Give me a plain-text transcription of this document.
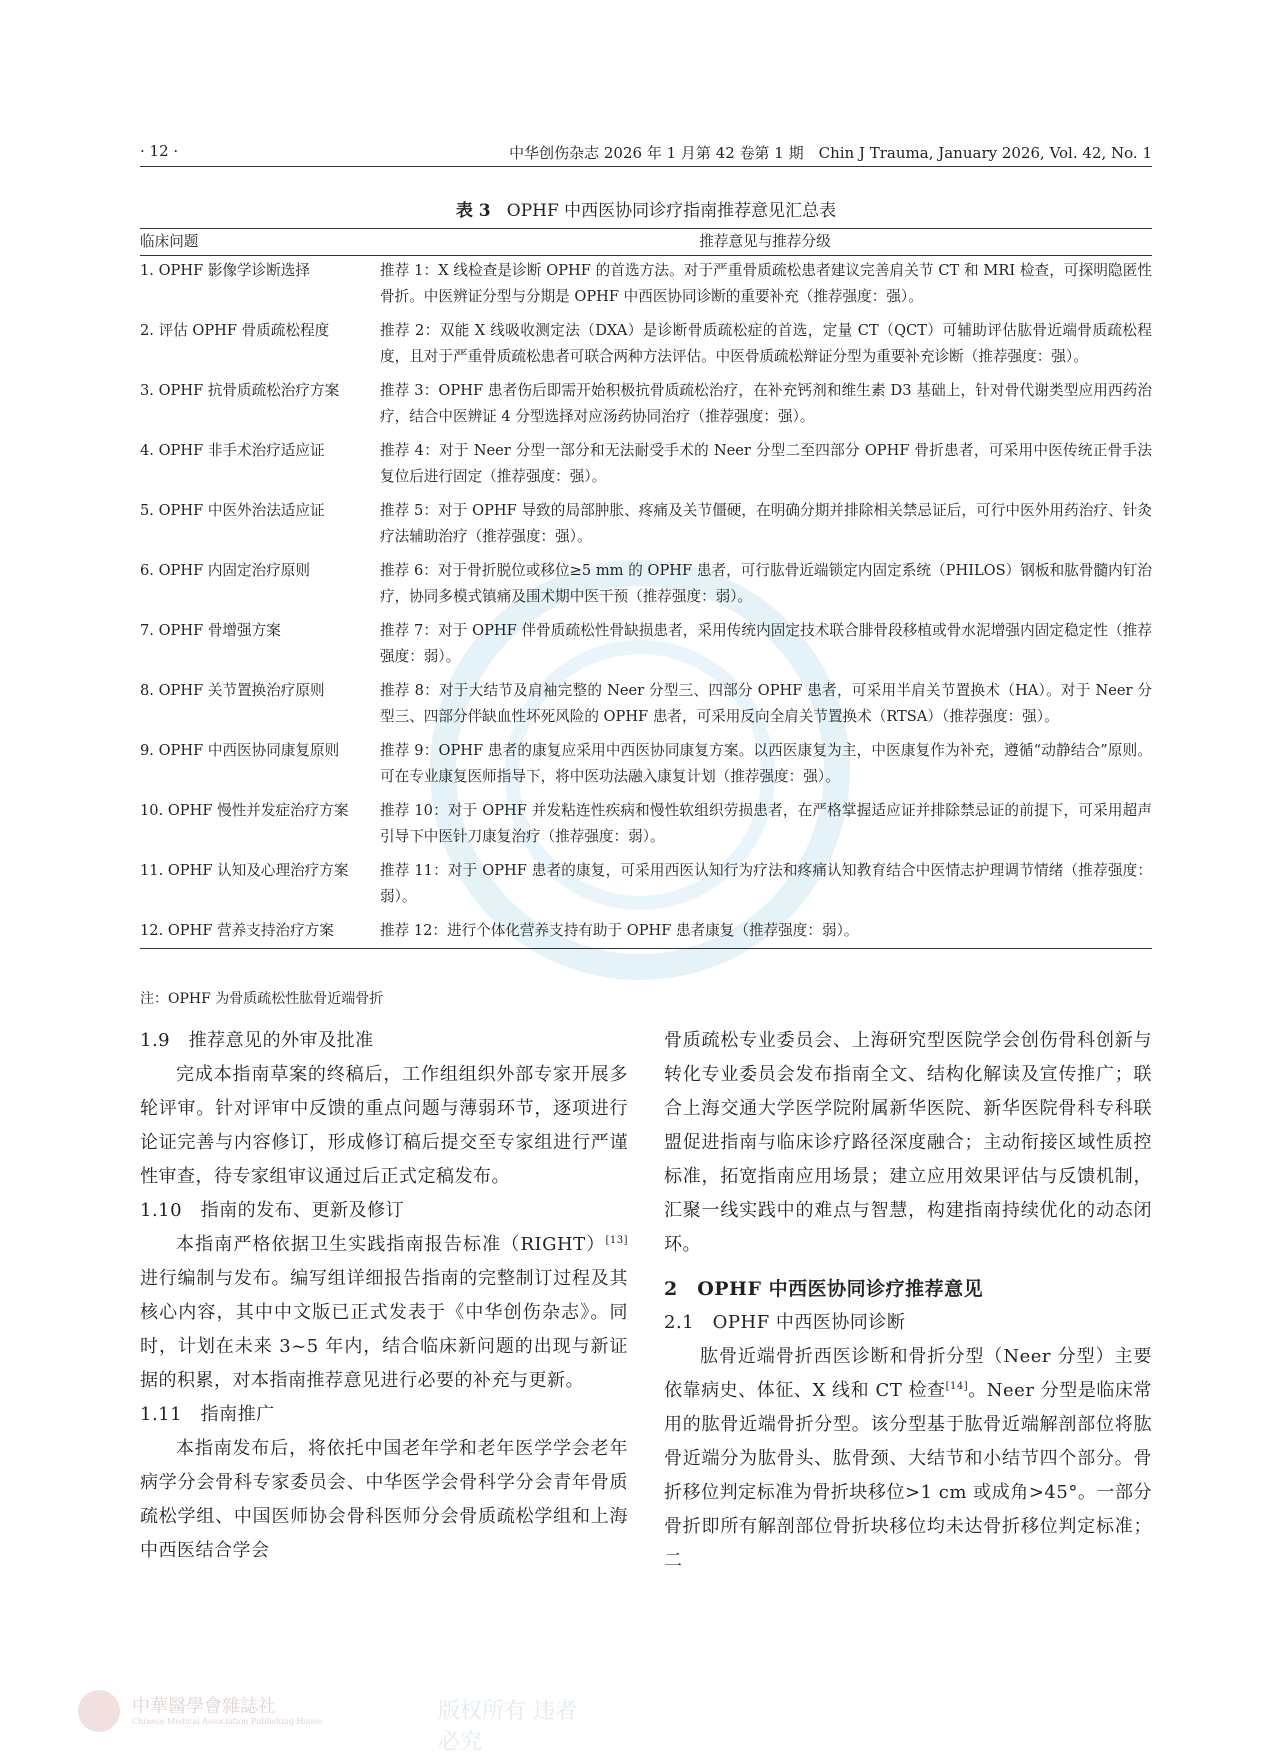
· 12 ·	中华创伤杂志 2026 年 1 月第 42 卷第 1 期　Chin J Trauma, January 2026, Vol. 42, No. 1
表 3 OPHF 中西医协同诊疗指南推荐意见汇总表
临床问题	推荐意见与推荐分级
1. OPHF 影像学诊断选择	推荐 1：X 线检查是诊断 OPHF 的首选方法。对于严重骨质疏松患者建议完善肩关节 CT 和 MRI 检查，可探明隐匿性骨折。中医辨证分型与分期是 OPHF 中西医协同诊断的重要补充（推荐强度：强）。
2. 评估 OPHF 骨质疏松程度	推荐 2：双能 X 线吸收测定法（DXA）是诊断骨质疏松症的首选，定量 CT（QCT）可辅助评估肱骨近端骨质疏松程度，且对于严重骨质疏松患者可联合两种方法评估。中医骨质疏松辩证分型为重要补充诊断（推荐强度：强）。
3. OPHF 抗骨质疏松治疗方案	推荐 3：OPHF 患者伤后即需开始积极抗骨质疏松治疗，在补充钙剂和维生素 D3 基础上，针对骨代谢类型应用西药治疗，结合中医辨证 4 分型选择对应汤药协同治疗（推荐强度：强）。
4. OPHF 非手术治疗适应证	推荐 4：对于 Neer 分型一部分和无法耐受手术的 Neer 分型二至四部分 OPHF 骨折患者，可采用中医传统正骨手法复位后进行固定（推荐强度：强）。
5. OPHF 中医外治法适应证	推荐 5：对于 OPHF 导致的局部肿胀、疼痛及关节僵硬，在明确分期并排除相关禁忌证后，可行中医外用药治疗、针灸疗法辅助治疗（推荐强度：强）。
6. OPHF 内固定治疗原则	推荐 6：对于骨折脱位或移位≥5 mm 的 OPHF 患者，可行肱骨近端锁定内固定系统（PHILOS）钢板和肱骨髓内钉治疗，协同多模式镇痛及围术期中医干预（推荐强度：弱）。
7. OPHF 骨增强方案	推荐 7：对于 OPHF 伴骨质疏松性骨缺损患者，采用传统内固定技术联合腓骨段移植或骨水泥增强内固定稳定性（推荐强度：弱）。
8. OPHF 关节置换治疗原则	推荐 8：对于大结节及肩袖完整的 Neer 分型三、四部分 OPHF 患者，可采用半肩关节置换术（HA）。对于 Neer 分型三、四部分伴缺血性坏死风险的 OPHF 患者，可采用反向全肩关节置换术（RTSA）（推荐强度：强）。
9. OPHF 中西医协同康复原则	推荐 9：OPHF 患者的康复应采用中西医协同康复方案。以西医康复为主，中医康复作为补充，遵循“动静结合”原则。可在专业康复医师指导下，将中医功法融入康复计划（推荐强度：强）。
10. OPHF 慢性并发症治疗方案	推荐 10：对于 OPHF 并发粘连性疾病和慢性软组织劳损患者，在严格掌握适应证并排除禁忌证的前提下，可采用超声引导下中医针刀康复治疗（推荐强度：弱）。
11. OPHF 认知及心理治疗方案	推荐 11：对于 OPHF 患者的康复，可采用西医认知行为疗法和疼痛认知教育结合中医情志护理调节情绪（推荐强度：弱）。
12. OPHF 营养支持治疗方案	推荐 12：进行个体化营养支持有助于 OPHF 患者康复（推荐强度：弱）。
注：OPHF 为骨质疏松性肱骨近端骨折

1.9　推荐意见的外审及批准

完成本指南草案的终稿后，工作组组织外部专家开展多轮评审。针对评审中反馈的重点问题与薄弱环节，逐项进行论证完善与内容修订，形成修订稿后提交至专家组进行严谨性审查，待专家组审议通过后正式定稿发布。

1.10　指南的发布、更新及修订

本指南严格依据卫生实践指南报告标准（RIGHT）[13]进行编制与发布。编写组详细报告指南的完整制订过程及其核心内容，其中中文版已正式发表于《中华创伤杂志》。同时，计划在未来 3~5 年内，结合临床新问题的出现与新证据的积累，对本指南推荐意见进行必要的补充与更新。

1.11　指南推广

本指南发布后，将依托中国老年学和老年医学学会老年病学分会骨科专家委员会、中华医学会骨科学分会青年骨质疏松学组、中国医师协会骨科医师分会骨质疏松学组和上海中西医结合学会

骨质疏松专业委员会、上海研究型医院学会创伤骨科创新与转化专业委员会发布指南全文、结构化解读及宣传推广；联合上海交通大学医学院附属新华医院、新华医院骨科专科联盟促进指南与临床诊疗路径深度融合；主动衔接区域性质控标准，拓宽指南应用场景；建立应用效果评估与反馈机制，汇聚一线实践中的难点与智慧，构建指南持续优化的动态闭环。

2　OPHF 中西医协同诊疗推荐意见

2.1　OPHF 中西医协同诊断

肱骨近端骨折西医诊断和骨折分型（Neer 分型）主要依靠病史、体征、X 线和 CT 检查[14]。Neer 分型是临床常用的肱骨近端骨折分型。该分型基于肱骨近端解剖部位将肱骨近端分为肱骨头、肱骨颈、大结节和小结节四个部分。骨折移位判定标准为骨折块移位>1 cm 或成角>45°。一部分骨折即所有解剖部位骨折块移位均未达骨折移位判定标准；二

中華醫學會雜誌社
Chinese Medical Association Publishing House	版权所有 违者必究
